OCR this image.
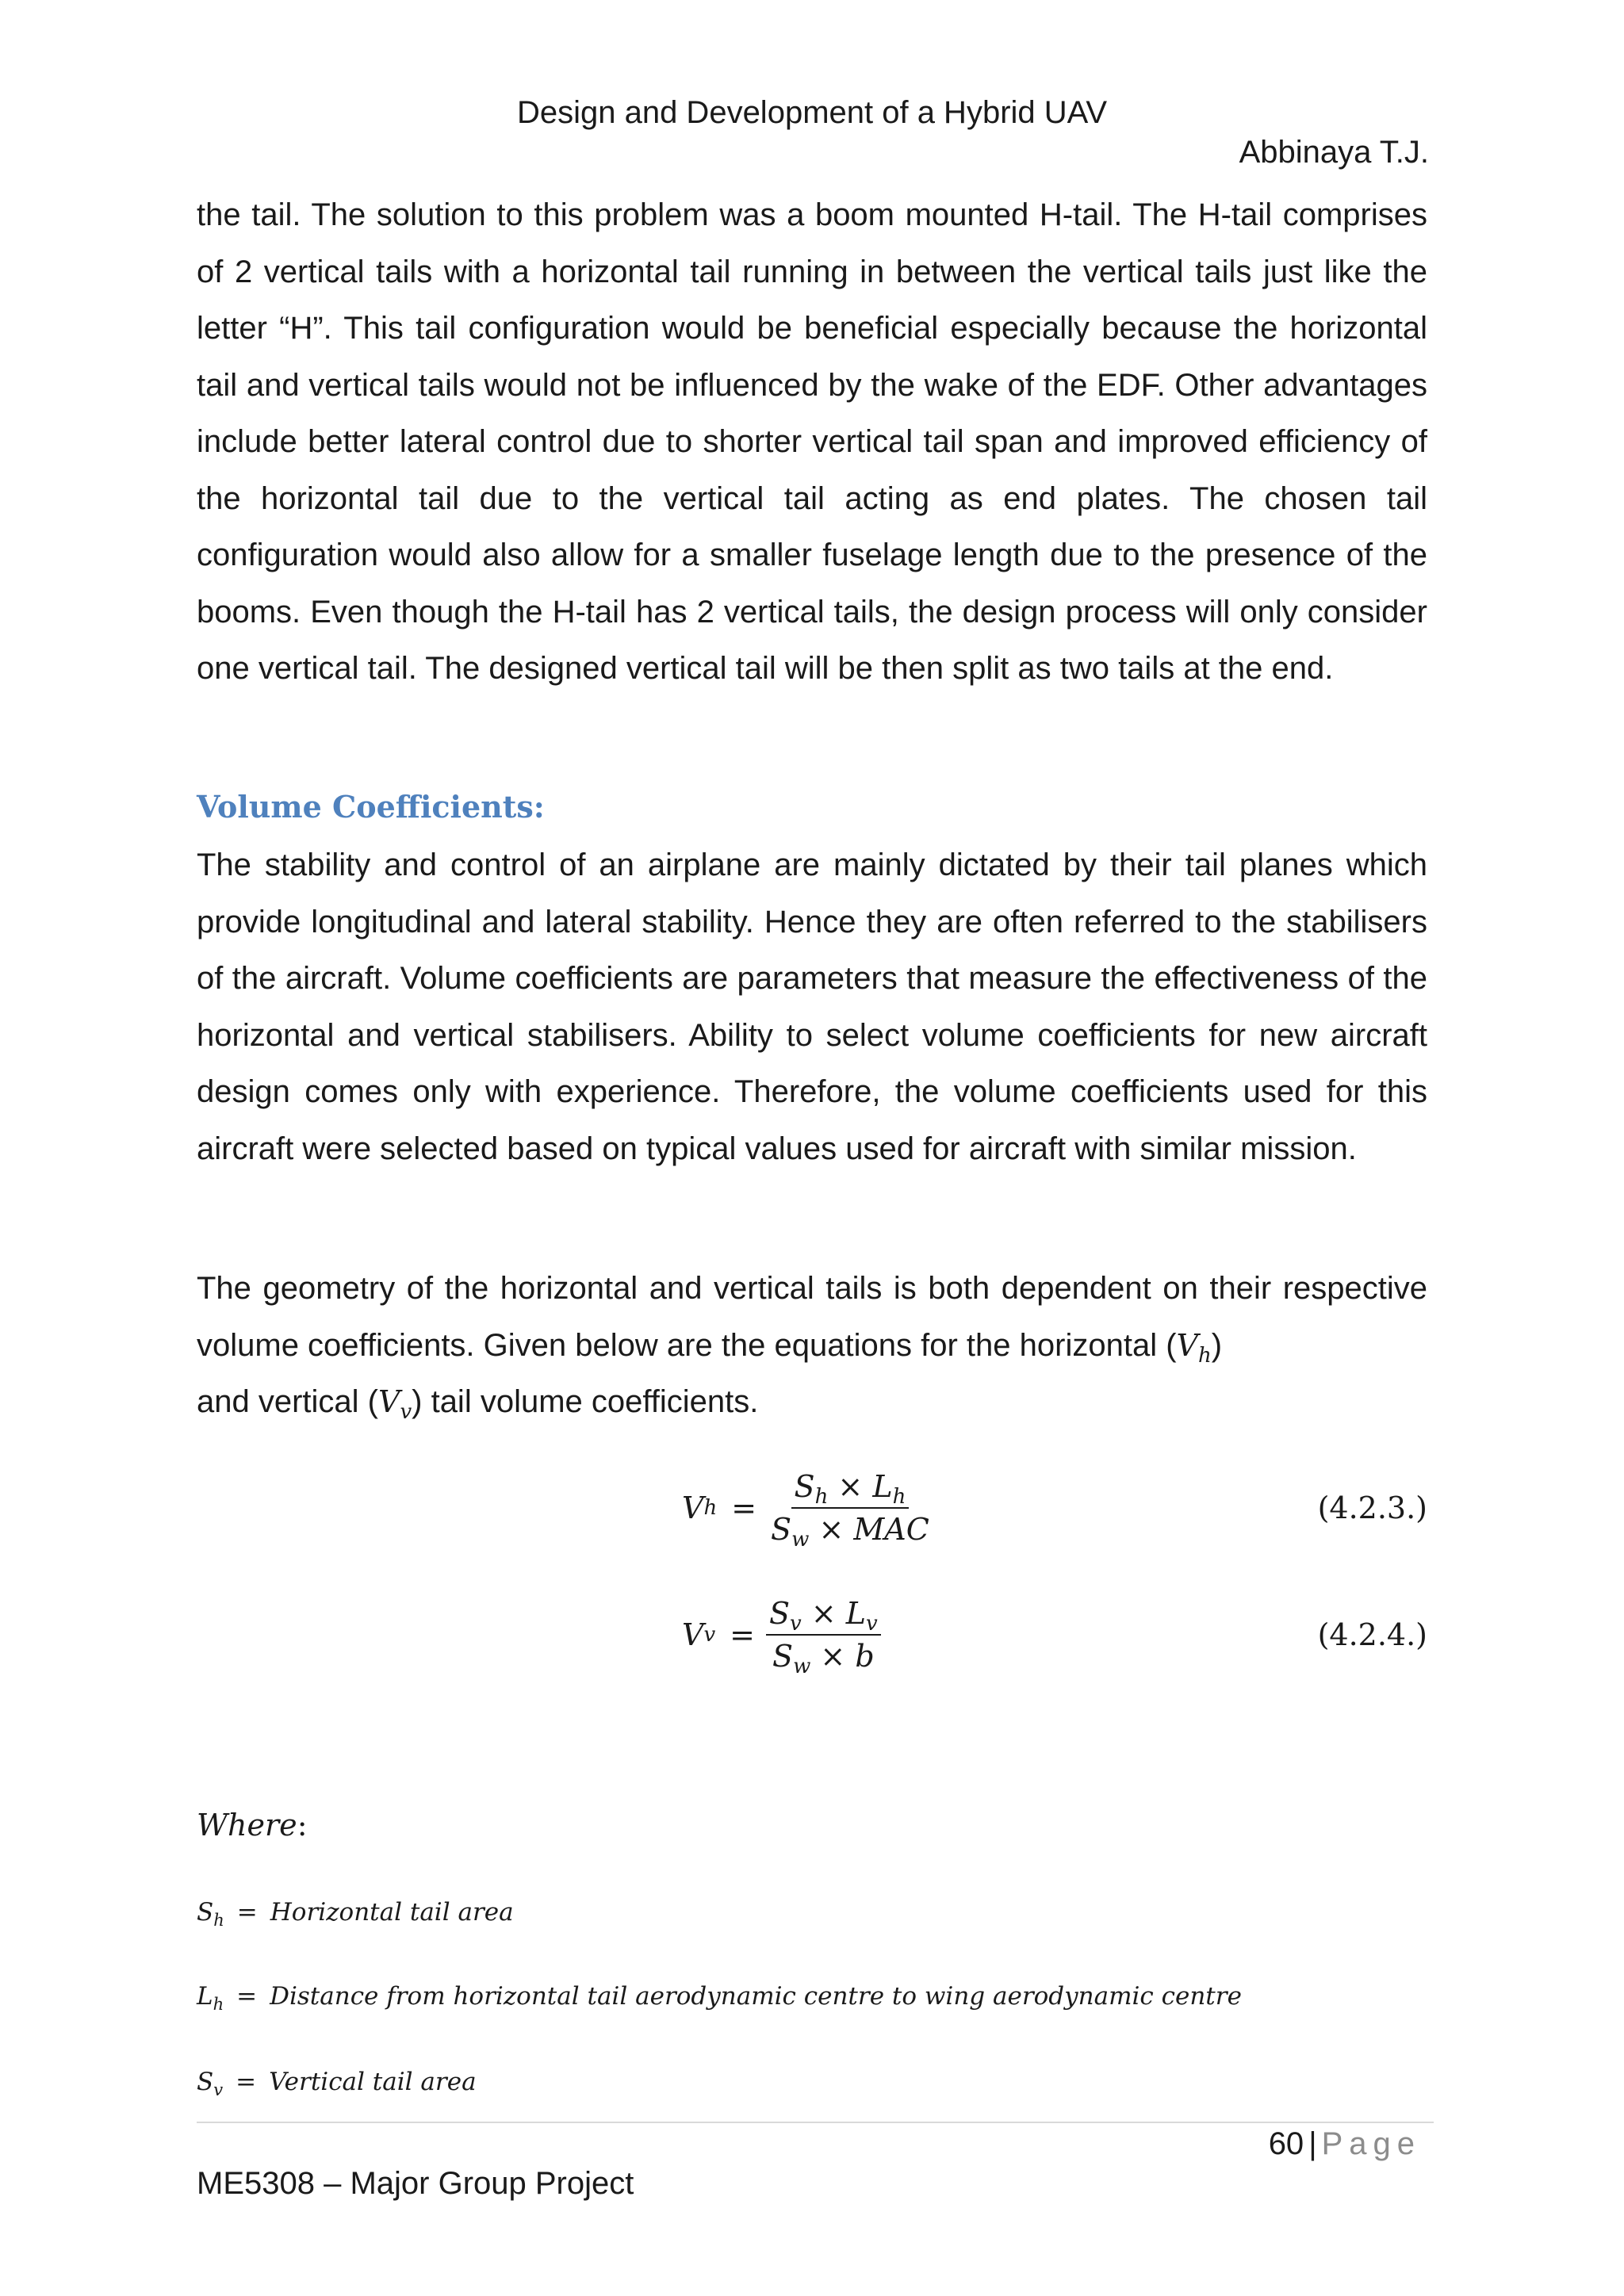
Design and Development of a Hybrid UAV
Abbinaya T.J.

the tail. The solution to this problem was a boom mounted H-tail. The H-tail comprises of 2 vertical tails with a horizontal tail running in between the vertical tails just like the letter “H”. This tail configuration would be beneficial especially because the horizontal tail and vertical tails would not be influenced by the wake of the EDF. Other advantages include better lateral control due to shorter vertical tail span and improved efficiency of the horizontal tail due to the vertical tail acting as end plates. The chosen tail configuration would also allow for a smaller fuselage length due to the presence of the booms. Even though the H-tail has 2 vertical tails, the design process will only consider one vertical tail. The designed vertical tail will be then split as two tails at the end.

Volume Coefficients:

The stability and control of an airplane are mainly dictated by their tail planes which provide longitudinal and lateral stability. Hence they are often referred to the stabilisers of the aircraft. Volume coefficients are parameters that measure the effectiveness of the horizontal and vertical stabilisers. Ability to select volume coefficients for new aircraft design comes only with experience. Therefore, the volume coefficients used for this aircraft were selected based on typical values used for aircraft with similar mission.

The geometry of the horizontal and vertical tails is both dependent on their respective volume coefficients. Given below are the equations for the horizontal $(V_h)$
and vertical $(V_v)$ tail volume coefficients.

V $h = \frac{S_h \times L_h}{S_w \times MAC}$	(4.2.3.)
V $v = \frac{S_v \times L_v}{S_w \times b}$	(4.2.4.)
Where:
$S_h$ = Horizontal tail area
$L_h$ = Distance from horizontal tail aerodynamic centre to wing aerodynamic centre
$S_v$ = Vertical tail area
60 | Page
ME5308 – Major Group Project
